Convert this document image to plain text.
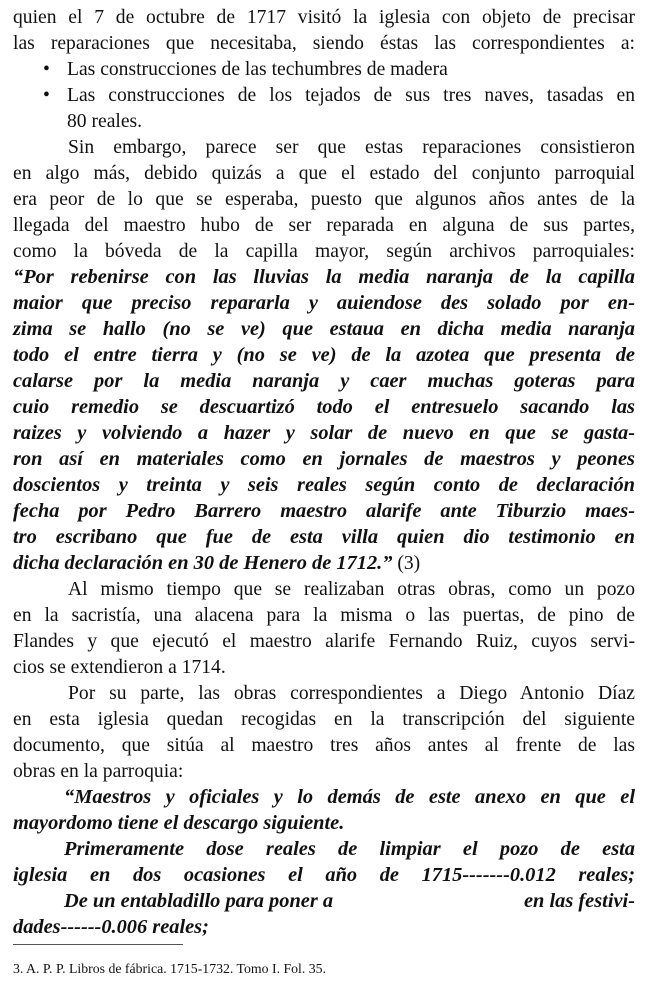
quien el 7 de octubre de 1717 visitó la iglesia con objeto de precisar
las reparaciones que necesitaba, siendo éstas las correspondientes a:
• Las construcciones de las techumbres de madera
• Las construcciones de los tejados de sus tres naves, tasadas en
80 reales.
Sin embargo, parece ser que estas reparaciones consistieron
en algo más, debido quizás a que el estado del conjunto parroquial
era peor de lo que se esperaba, puesto que algunos años antes de la
llegada del maestro hubo de ser reparada en alguna de sus partes,
como la bóveda de la capilla mayor, según archivos parroquiales:
“Por rebenirse con las lluvias la media naranja de la capilla
maior que preciso repararla y auiendose des solado por en-
zima se hallo (no se ve) que estaua en dicha media naranja
todo el entre tierra y (no se ve) de la azotea que presenta de
calarse por la media naranja y caer muchas goteras para
cuio remedio se descuartizó todo el entresuelo sacando las
raizes y volviendo a hazer y solar de nuevo en que se gasta-
ron así en materiales como en jornales de maestros y peones
doscientos y treinta y seis reales según conto de declaración
fecha por Pedro Barrero maestro alarife ante Tiburzio maes-
tro escribano que fue de esta villa quien dio testimonio en
dicha declaración en 30 de Henero de 1712.” (3)
Al mismo tiempo que se realizaban otras obras, como un pozo
en la sacristía, una alacena para la misma o las puertas, de pino de
Flandes y que ejecutó el maestro alarife Fernando Ruiz, cuyos servi-
cios se extendieron a 1714.
Por su parte, las obras correspondientes a Diego Antonio Díaz
en esta iglesia quedan recogidas en la transcripción del siguiente
documento, que sitúa al maestro tres años antes al frente de las
obras en la parroquia:
“Maestros y oficiales y lo demás de este anexo en que el
mayordomo tiene el descargo siguiente.
Primeramente dose reales de limpiar el pozo de esta
iglesia en dos ocasiones el año de 1715-------0.012 reales;
De un entabladillo para poner a	en las festivi-
dades------0.006 reales;
3. A. P. P. Libros de fábrica. 1715-1732. Tomo I. Fol. 35.
